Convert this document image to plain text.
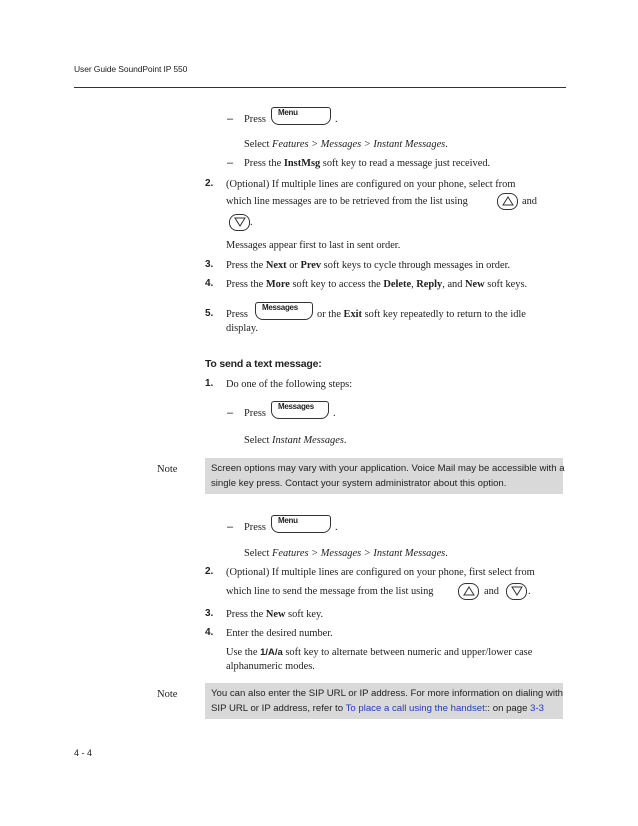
User Guide SoundPoint IP 550
– Press
Menu
.
Select Features > Messages > Instant Messages.
– Press the InstMsg soft key to read a message just received.
2. (Optional) If multiple lines are configured on your phone, select from
which line messages are to be retrieved from the list using	and
.
Messages appear first to last in sent order.
3. Press the Next or Prev soft keys to cycle through messages in order.
4. Press the More soft key to access the Delete, Reply, and New soft keys.
5. Press
Messages
or the Exit soft key repeatedly to return to the idle
display.
To send a text message:
1. Do one of the following steps:
– Press
Messages
.
Select Instant Messages.
Note	Screen options may vary with your application. Voice Mail may be accessible with a
single key press. Contact your system administrator about this option.
– Press
Menu
.
Select Features > Messages > Instant Messages.
2. (Optional) If multiple lines are configured on your phone, first select from
which line to send the message from the list using	and	.
3. Press the New soft key.
4. Enter the desired number.
Use the 1/A/a soft key to alternate between numeric and upper/lower case
alphanumeric modes.
Note	You can also enter the SIP URL or IP address. For more information on dialing with
SIP URL or IP address, refer to To place a call using the handset:: on page 3-3
4 - 4
